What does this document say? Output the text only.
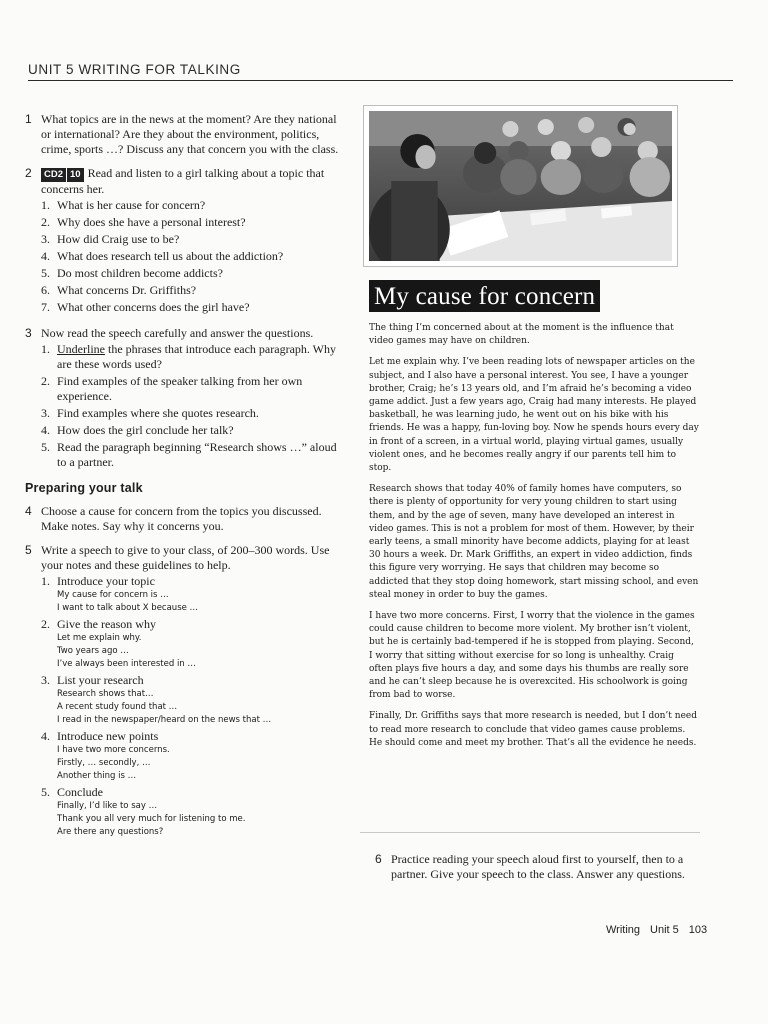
UNIT 5 WRITING FOR TALKING
1 What topics are in the news at the moment? Are they national or international? Are they about the environment, politics, crime, sports …? Discuss any that concern you with the class.
2	CD2 10 Read and listen to a girl talking about a topic that concerns her.
1. What is her cause for concern?
2. Why does she have a personal interest?
3. How did Craig use to be?
4. What does research tell us about the addiction?
5. Do most children become addicts?
6. What concerns Dr. Griffiths?
7. What other concerns does the girl have?
3 Now read the speech carefully and answer the questions.
1. Underline the phrases that introduce each paragraph. Why are these words used?
2. Find examples of the speaker talking from her own experience.
3. Find examples where she quotes research.
4. How does the girl conclude her talk?
5. Read the paragraph beginning “Research shows …” aloud to a partner.
Preparing your talk
4 Choose a cause for concern from the topics you discussed. Make notes. Say why it concerns you.
5 Write a speech to give to your class, of 200–300 words. Use your notes and these guidelines to help.
1. Introduce your topic
My cause for concern is …
I want to talk about X because …
2. Give the reason why
Let me explain why.
Two years ago …
I’ve always been interested in …
3. List your research
Research shows that…
A recent study found that …
I read in the newspaper/heard on the news that …
4. Introduce new points
I have two more concerns.
Firstly, … secondly, …
Another thing is …
5. Conclude
Finally, I’d like to say …
Thank you all very much for listening to me.
Are there any questions?
My cause for concern

The thing I’m concerned about at the moment is the influence that video games may have on children.

Let me explain why. I’ve been reading lots of newspaper articles on the subject, and I also have a personal interest. You see, I have a younger brother, Craig; he’s 13 years old, and I’m afraid he’s becoming a video game addict. Just a few years ago, Craig had many interests. He played basketball, he was learning judo, he went out on his bike with his friends. He was a happy, fun-loving boy. Now he spends hours every day in front of a screen, in a virtual world, playing virtual games, usually violent ones, and he becomes really angry if our parents tell him to stop.

Research shows that today 40% of family homes have computers, so there is plenty of opportunity for very young children to start using them, and by the age of seven, many have developed an interest in video games. This is not a problem for most of them. However, by their early teens, a small minority have become addicts, playing for at least 30 hours a week. Dr. Mark Griffiths, an expert in video addiction, finds this figure very worrying. He says that children may become so addicted that they stop doing homework, start missing school, and even steal money in order to buy the games.

I have two more concerns. First, I worry that the violence in the games could cause children to become more violent. My brother isn’t violent, but he is certainly bad-tempered if he is stopped from playing. Second, I worry that sitting without exercise for so long is unhealthy. Craig often plays five hours a day, and some days his thumbs are really sore and he can’t sleep because he is overexcited. His schoolwork is going from bad to worse.

Finally, Dr. Griffiths says that more research is needed, but I don’t need to read more research to conclude that video games cause problems. He should come and meet my brother. That’s all the evidence he needs.

6 Practice reading your speech aloud first to yourself, then to a partner. Give your speech to the class. Answer any questions.
Writing Unit 5 103
